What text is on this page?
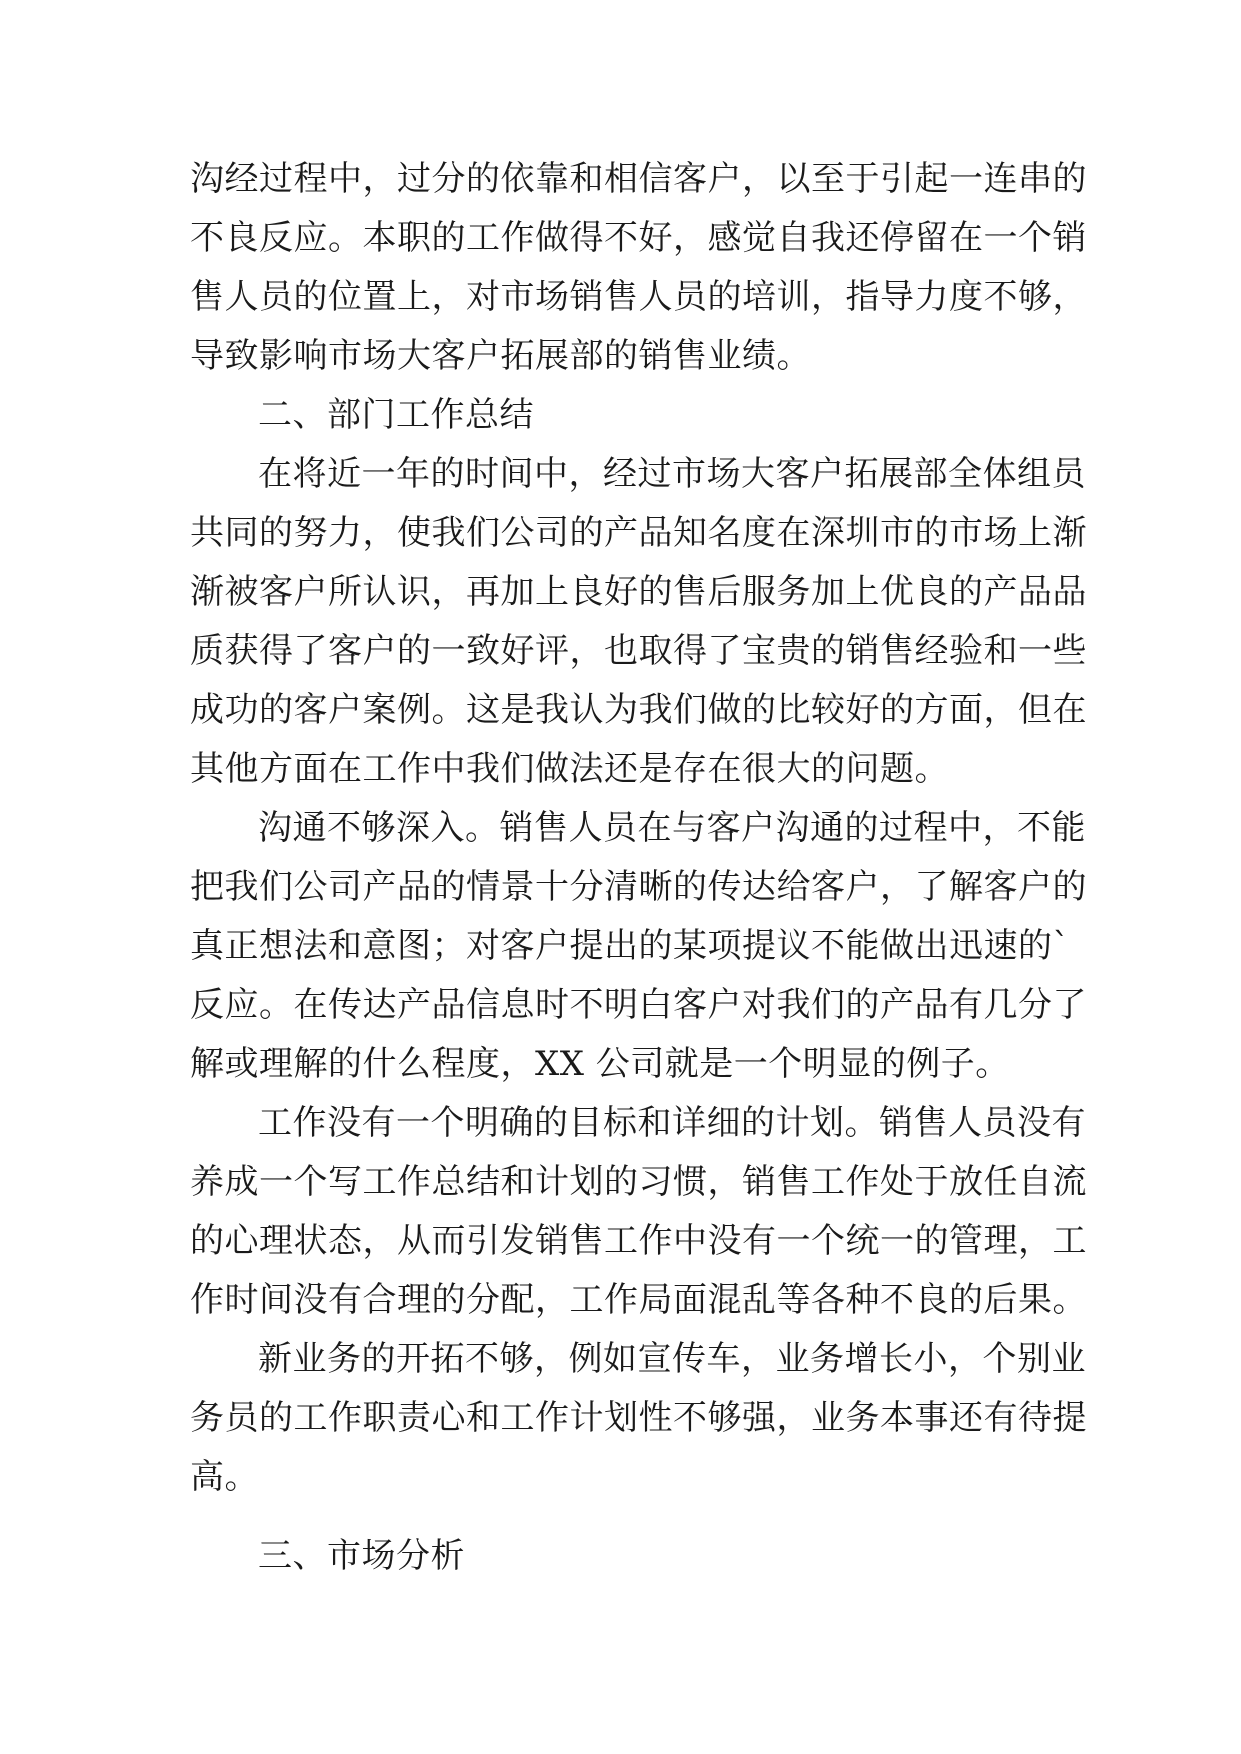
沟经过程中，过分的依靠和相信客户，以至于引起一连串的
不良反应。本职的工作做得不好，感觉自我还停留在一个销
售人员的位置上，对市场销售人员的培训，指导力度不够，
导致影响市场大客户拓展部的销售业绩。
二、部门工作总结
在将近一年的时间中，经过市场大客户拓展部全体组员
共同的努力，使我们公司的产品知名度在深圳市的市场上渐
渐被客户所认识，再加上良好的售后服务加上优良的产品品
质获得了客户的一致好评，也取得了宝贵的销售经验和一些
成功的客户案例。这是我认为我们做的比较好的方面，但在
其他方面在工作中我们做法还是存在很大的问题。
沟通不够深入。销售人员在与客户沟通的过程中，不能
把我们公司产品的情景十分清晰的传达给客户，了解客户的
真正想法和意图；对客户提出的某项提议不能做出迅速的`
反应。在传达产品信息时不明白客户对我们的产品有几分了
解或理解的什么程度，XX 公司就是一个明显的例子。
工作没有一个明确的目标和详细的计划。销售人员没有
养成一个写工作总结和计划的习惯，销售工作处于放任自流
的心理状态，从而引发销售工作中没有一个统一的管理，工
作时间没有合理的分配，工作局面混乱等各种不良的后果。
新业务的开拓不够，例如宣传车，业务增长小，个别业
务员的工作职责心和工作计划性不够强，业务本事还有待提
高。
三、市场分析
